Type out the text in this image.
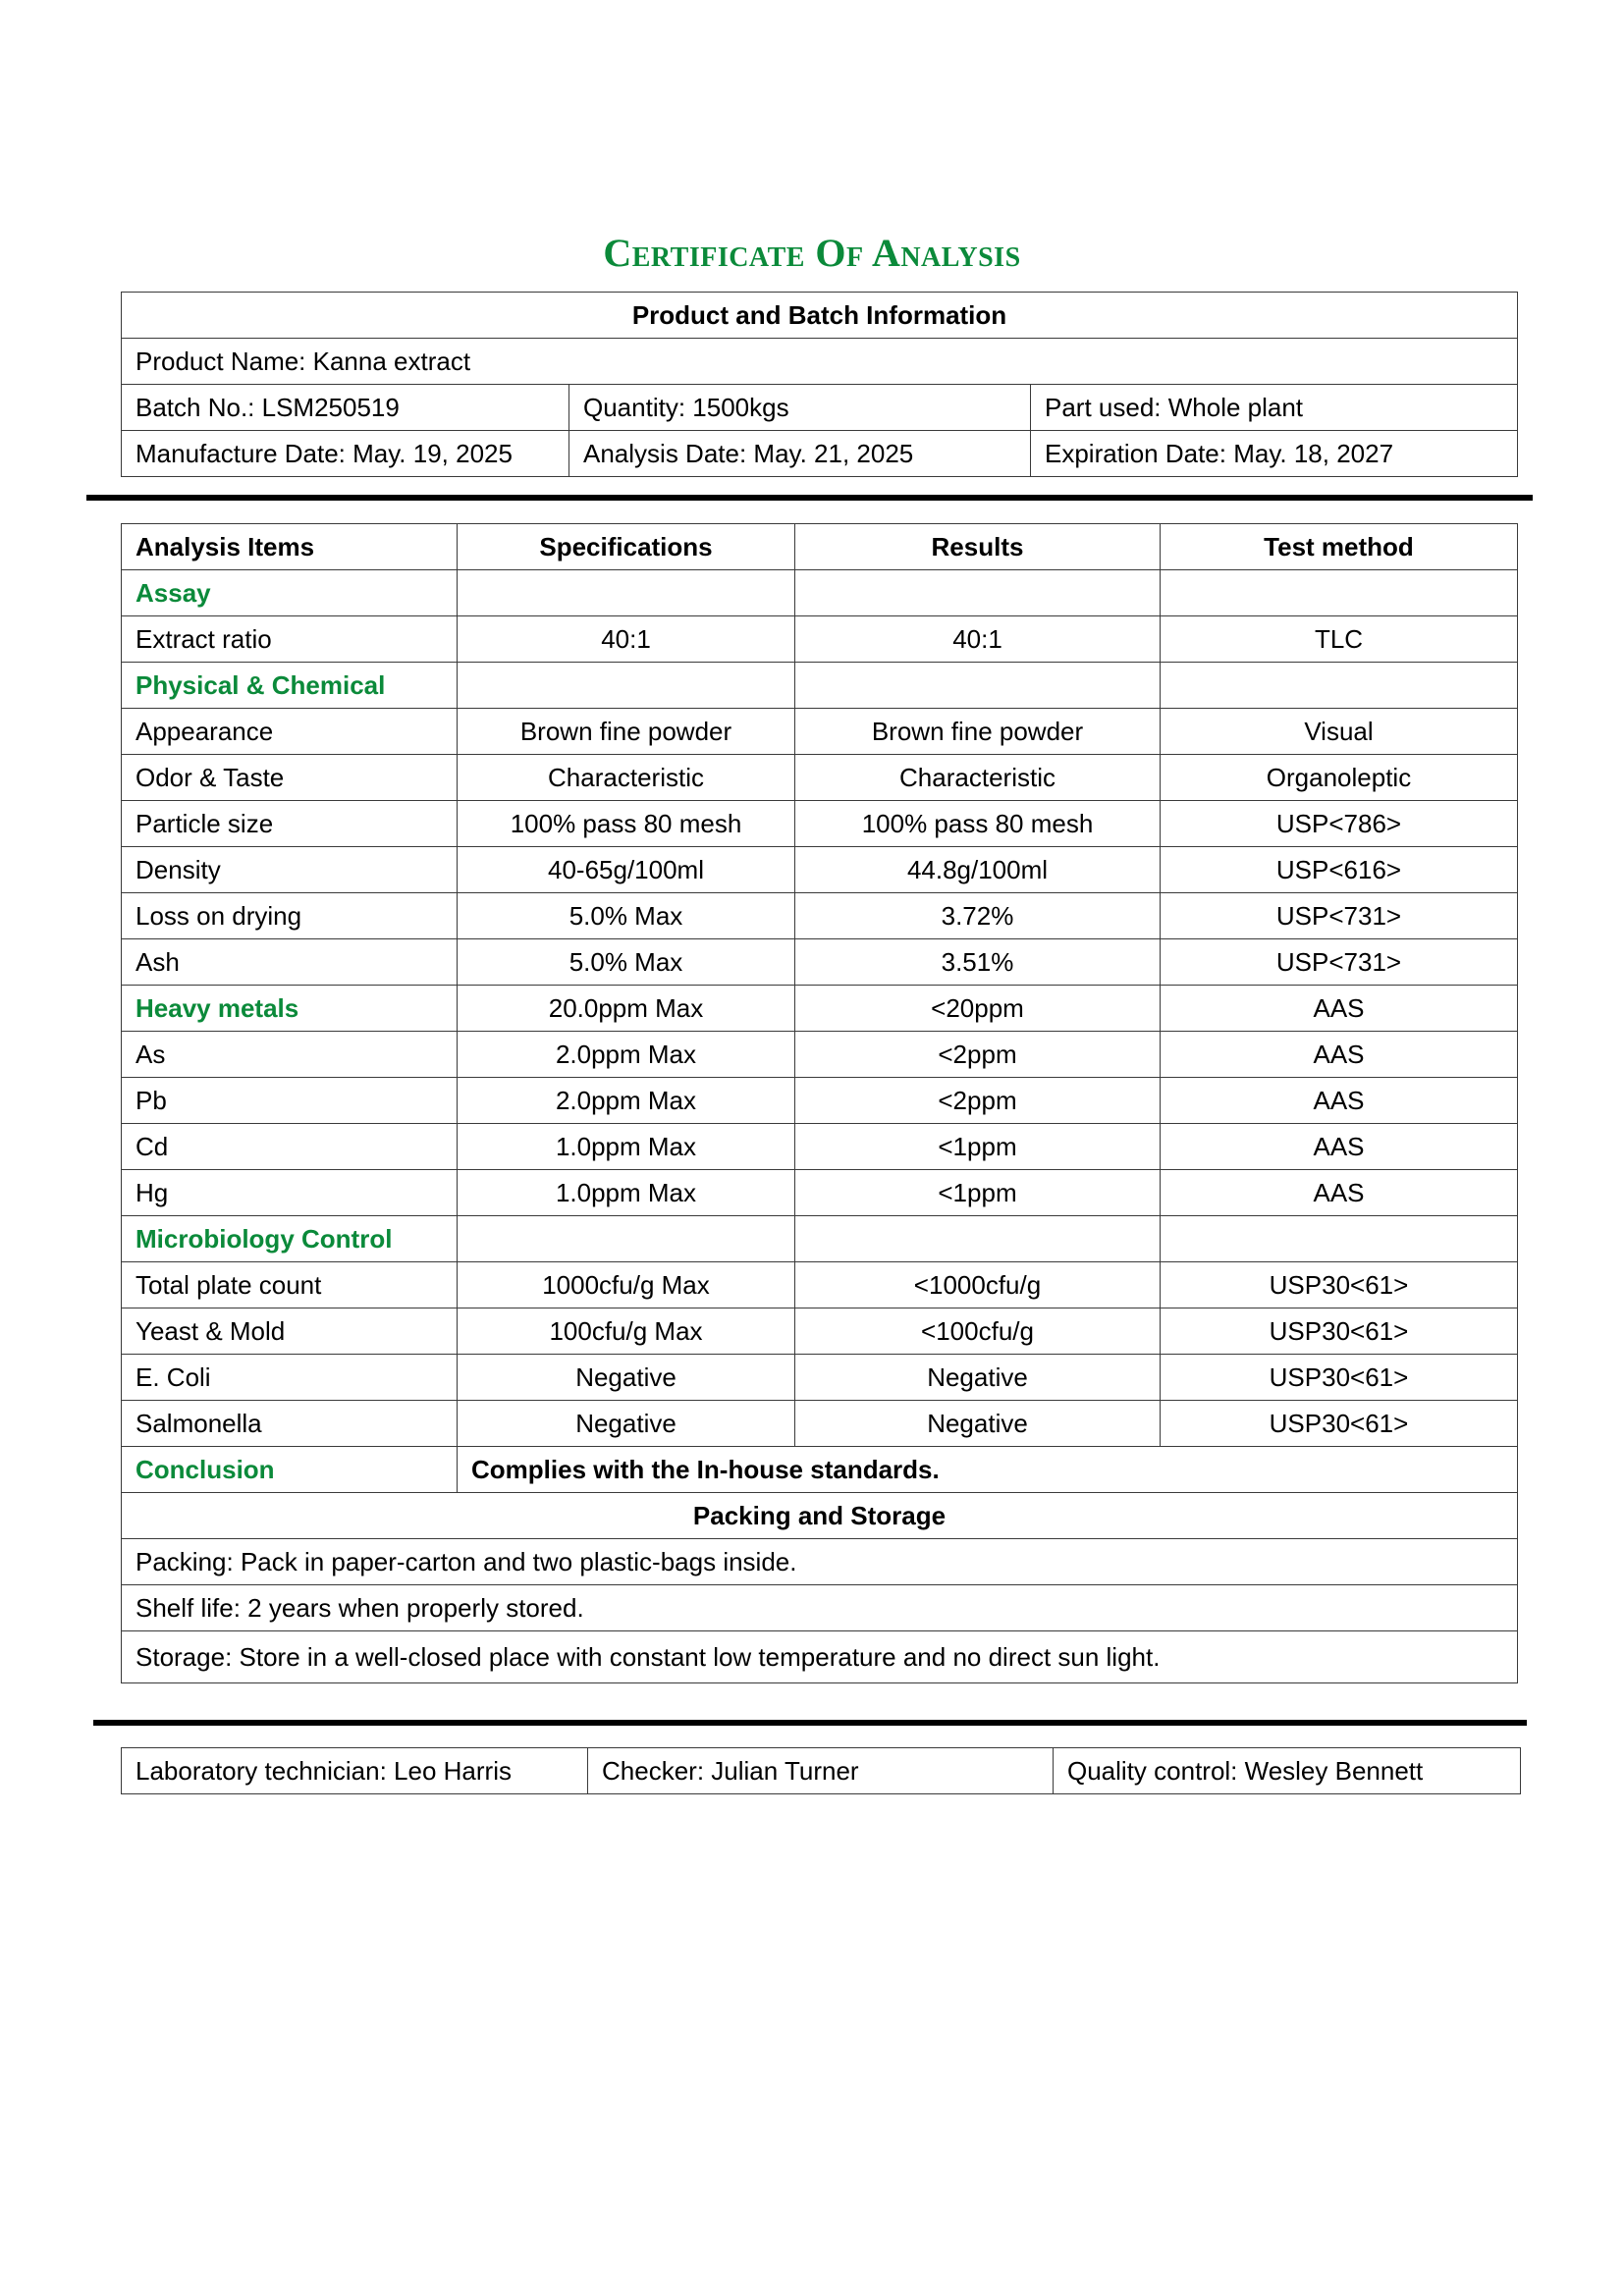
Certificate Of Analysis
Product and Batch Information		
Product Name: Kanna extract		
Batch No.: LSM250519	Quantity: 1500kgs	Part used: Whole plant
Manufacture Date: May. 19, 2025	Analysis Date: May. 21, 2025	Expiration Date: May. 18, 2027
Analysis Items	Specifications	Results	Test method
Assay			
Extract ratio	40:1	40:1	TLC
Physical & Chemical			
Appearance	Brown fine powder	Brown fine powder	Visual
Odor & Taste	Characteristic	Characteristic	Organoleptic
Particle size	100% pass 80 mesh	100% pass 80 mesh	USP<786>
Density	40-65g/100ml	44.8g/100ml	USP<616>
Loss on drying	5.0% Max	3.72%	USP<731>
Ash	5.0% Max	3.51%	USP<731>
Heavy metals	20.0ppm Max	<20ppm	AAS
As	2.0ppm Max	<2ppm	AAS
Pb	2.0ppm Max	<2ppm	AAS
Cd	1.0ppm Max	<1ppm	AAS
Hg	1.0ppm Max	<1ppm	AAS
Microbiology Control			
Total plate count	1000cfu/g Max	<1000cfu/g	USP30<61>
Yeast & Mold	100cfu/g Max	<100cfu/g	USP30<61>
E. Coli	Negative	Negative	USP30<61>
Salmonella	Negative	Negative	USP30<61>
Conclusion	Complies with the In-house standards.		
Packing and Storage			
Packing: Pack in paper-carton and two plastic-bags inside.			
Shelf life: 2 years when properly stored.			
Storage: Store in a well-closed place with constant low temperature and no direct sun light.			
Laboratory technician: Leo Harris	Checker: Julian Turner	Quality control: Wesley Bennett
